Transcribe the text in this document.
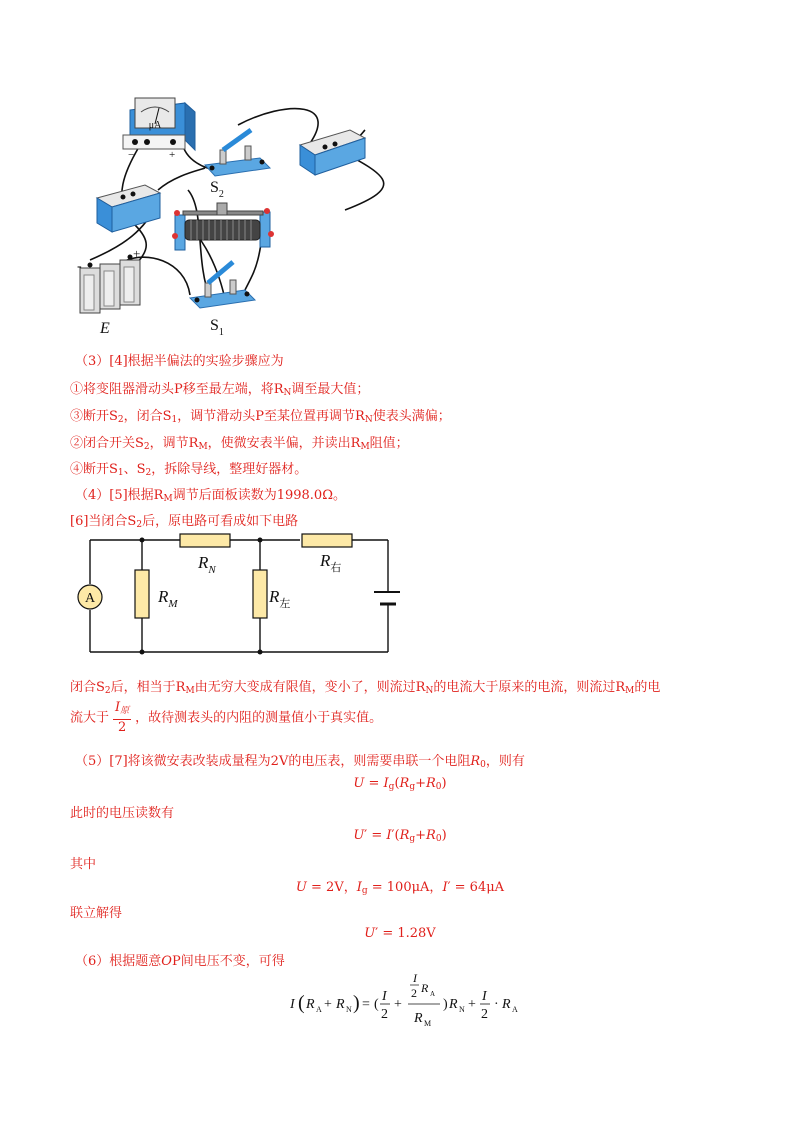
μA
−	+
$S_2$
-
+
E	$S_1$
（3）[4]根据半偏法的实验步骤应为
①将变阻器滑动头P移至最左端，将$R_N$调至最大值；
③断开$S_2$，闭合$S_1$，调节滑动头P至某位置再调节$R_N$使表头满偏；
②闭合开关$S_2$，调节$R_M$，使微安表半偏，并读出$R_M$阻值；
④断开$S_1$、$S_2$，拆除导线，整理好器材。
（4）[5]根据$R_M$调节后面板读数为1998.0Ω。
[6]当闭合$S_2$后，原电路可看成如下电路
A
$R_N$
$R_M$	$R_左$
$R_右$
闭合$S_2$后，相当于$R_M$由无穷大变成有限值，变小了，则流过$R_N$的电流大于原来的电流，则流过$R_M$的电
流大于 $\frac{I_原}{2}$ ，故待测表头的内阻的测量值小于真实值。
（5）[7]将该微安表改装成量程为2V的电压表，则需要串联一个电阻$R_0$，则有
$U = I_g(R_g+R_0)$
此时的电压读数有
$U' = I'(R_g+R_0)$
其中
U = 2V，$I_g = 100\mu A$，I′ = 64μA
联立解得
U′ = 1.28V
（6）根据题意OP间电压不变，可得
I ( R A + R N ) = (
I
2
+
I
2 R A
R M
) R N +
I
2
· R A
